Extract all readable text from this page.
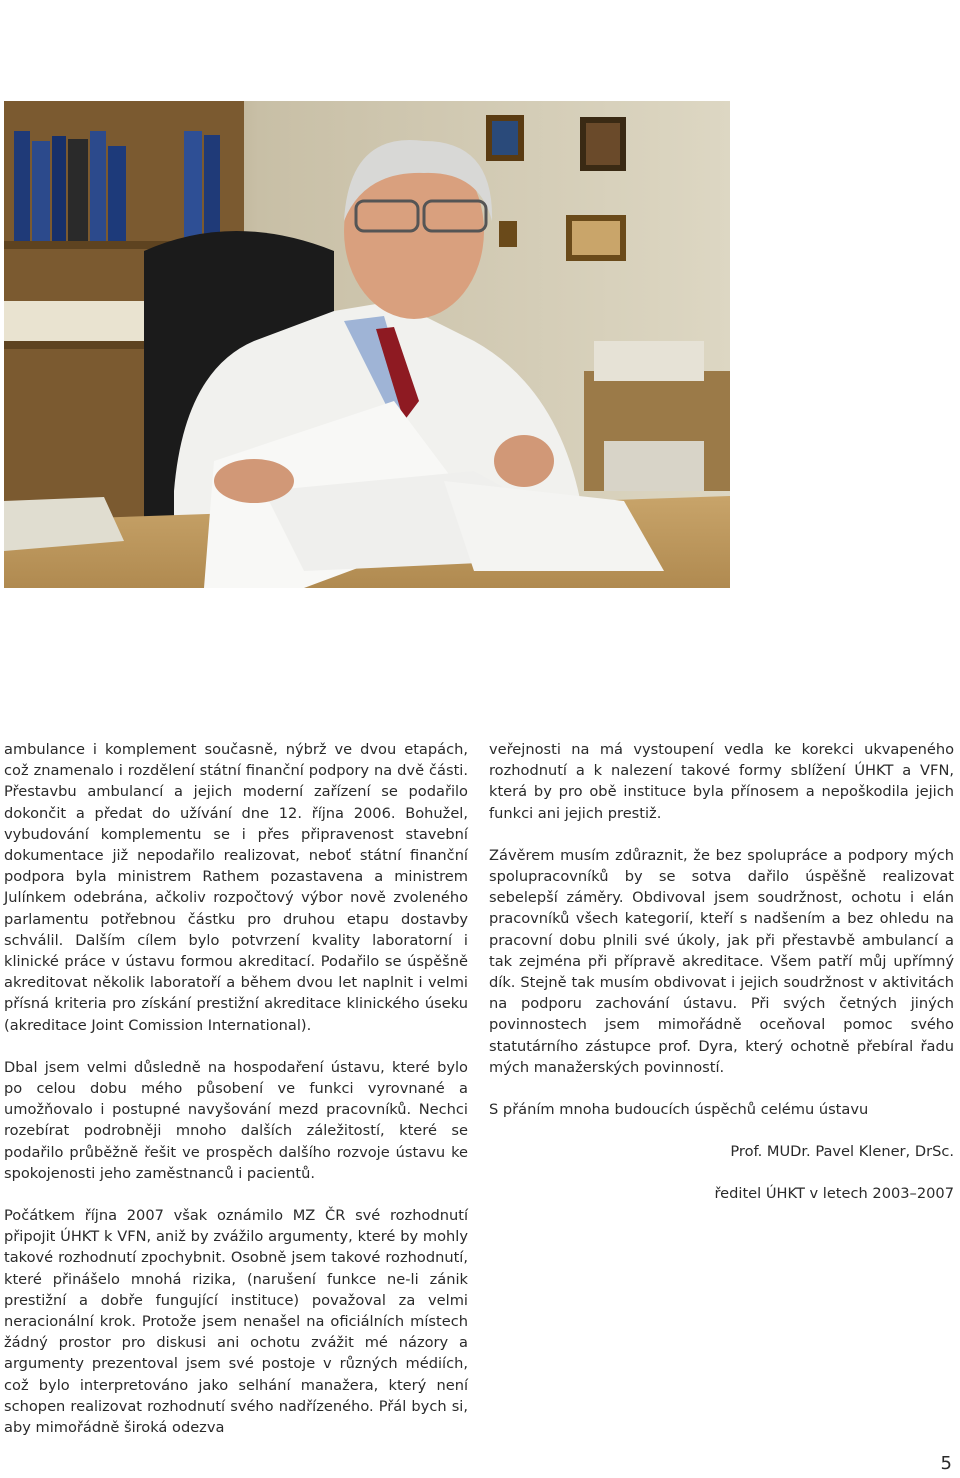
ambulance i komplement současně, nýbrž ve dvou etapách, což znamenalo i rozdělení státní finanční podpory na dvě části. Přestavbu ambulancí a jejich moderní zařízení se podařilo dokončit a předat do užívání dne 12. října 2006. Bohužel, vybudování komplementu se i přes připravenost stavební dokumentace již nepodařilo realizovat, neboť státní finanční podpora byla ministrem Rathem pozastavena a ministrem Julínkem odebrána, ačkoliv rozpočtový výbor nově zvoleného parlamentu potřebnou částku pro druhou etapu dostavby schválil. Dalším cílem bylo potvrzení kvality laboratorní i klinické práce v ústavu formou akreditací. Podařilo se úspěšně akreditovat několik laboratoří a během dvou let naplnit i velmi přísná kriteria pro získání prestižní akreditace klinického úseku (akreditace Joint Comission International).

Dbal jsem velmi důsledně na hospodaření ústavu, které bylo po celou dobu mého působení ve funkci vyrovnané a umožňovalo i postupné navyšování mezd pracovníků. Nechci rozebírat podrobněji mnoho dalších záležitostí, které se podařilo průběžně řešit ve prospěch dalšího rozvoje ústavu ke spokojenosti jeho zaměstnanců i pacientů.

Počátkem října 2007 však oznámilo MZ ČR své rozhodnutí připojit ÚHKT k VFN, aniž by zvážilo argumenty, které by mohly takové rozhodnutí zpochybnit. Osobně jsem takové rozhodnutí, které přinášelo mnohá rizika, (narušení funkce ne-li zánik prestižní a dobře fungující instituce) považoval za velmi neracionální krok. Protože jsem nenašel na oficiálních místech žádný prostor pro diskusi ani ochotu zvážit mé názory a argumenty prezentoval jsem své postoje v různých médiích, což bylo interpretováno jako selhání manažera, který není schopen realizovat rozhodnutí svého nadřízeného. Přál bych si, aby mimořádně široká odezva

veřejnosti na má vystoupení vedla ke korekci ukvapeného rozhodnutí a k nalezení takové formy sblížení ÚHKT a VFN, která by pro obě instituce byla přínosem a nepoškodila jejich funkci ani jejich prestiž.

Závěrem musím zdůraznit, že bez spolupráce a podpory mých spolupracovníků by se sotva dařilo úspěšně realizovat sebelepší záměry. Obdivoval jsem soudržnost, ochotu i elán pracovníků všech kategorií, kteří s nadšením a bez ohledu na pracovní dobu plnili své úkoly, jak při přestavbě ambulancí a tak zejména při přípravě akreditace. Všem patří můj upřímný dík. Stejně tak musím obdivovat i jejich soudržnost v aktivitách na podporu zachování ústavu. Při svých četných jiných povinnostech jsem mimořádně oceňoval pomoc svého statutárního zástupce prof. Dyra, který ochotně přebíral řadu mých manažerských povinností.

S přáním mnoha budoucích úspěchů celému ústavu

Prof. MUDr. Pavel Klener, DrSc.

ředitel ÚHKT v letech 2003–2007

5
